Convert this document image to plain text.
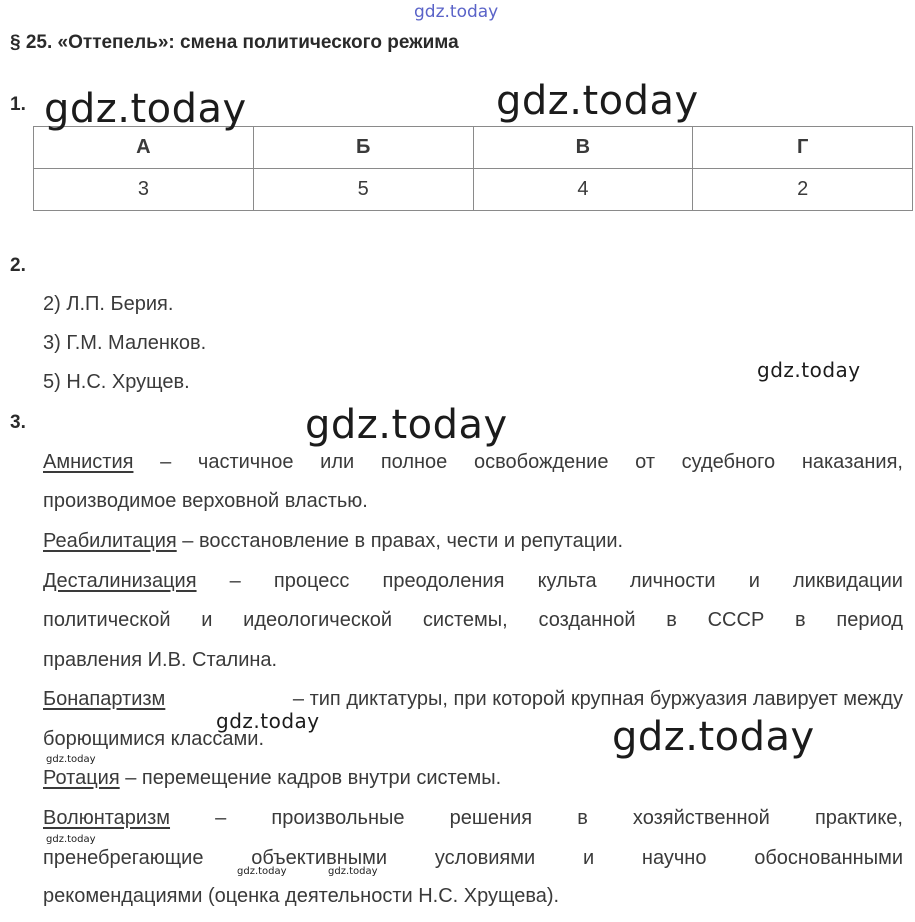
gdz.today
§ 25. «Оттепель»: смена политического режима
1.
А	Б	В	Г
3	5	4	2
gdz.today	gdz.today
2.
2) Л.П. Берия.
3) Г.М. Маленков.
5) Н.С. Хрущев.	gdz.today
3.	gdz.today
Амнистия – частичное или полное освобождение от судебного наказания,
производимое верховной властью.
Реабилитация – восстановление в правах, чести и репутации.
Десталинизация – процесс преодоления культа личности и ликвидации
политической и идеологической системы, созданной в СССР в период
правления И.В. Сталина.
Бонапартизм	– тип диктатуры, при которой крупная буржуазия лавирует между
борющимися классами.
gdz.today	gdz.today
gdz.today
Ротация – перемещение кадров внутри системы.
Волюнтаризм – произвольные решения в хозяйственной практике,
gdz.today
пренебрегающие объективными условиями и научно обоснованными
gdz.today	gdz.today
рекомендациями (оценка деятельности Н.С. Хрущева).
